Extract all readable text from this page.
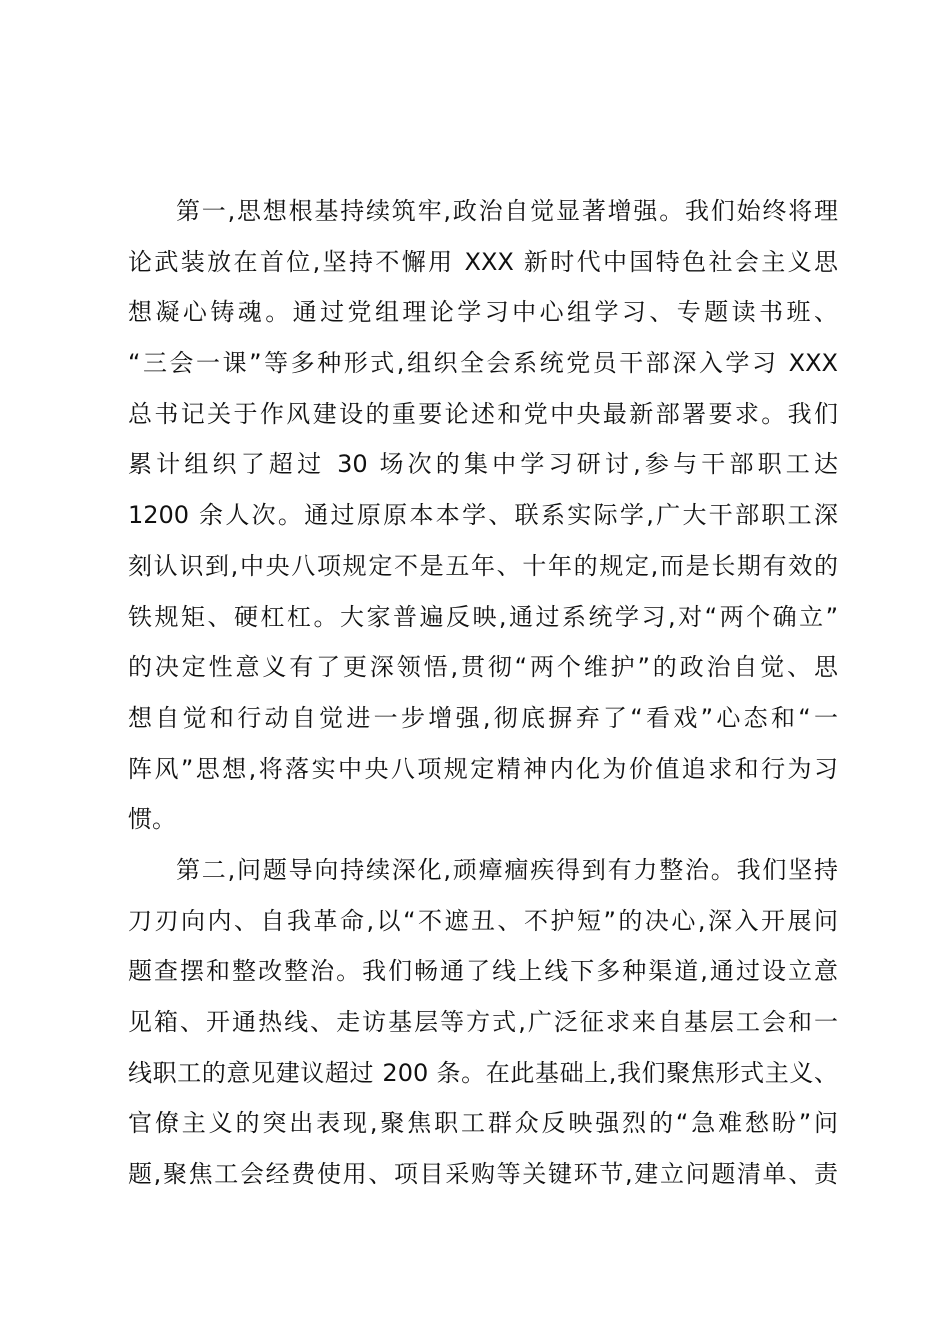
第一,思想根基持续筑牢,政治自觉显著增强。我们始终将理
论武装放在首位,坚持不懈用 XXX 新时代中国特色社会主义思
想凝心铸魂。通过党组理论学习中心组学习、专题读书班、
“三会一课”等多种形式,组织全会系统党员干部深入学习 XXX
总书记关于作风建设的重要论述和党中央最新部署要求。我们
累计组织了超过 30 场次的集中学习研讨,参与干部职工达
1200 余人次。通过原原本本学、联系实际学,广大干部职工深
刻认识到,中央八项规定不是五年、十年的规定,而是长期有效的
铁规矩、硬杠杠。大家普遍反映,通过系统学习,对“两个确立”
的决定性意义有了更深领悟,贯彻“两个维护”的政治自觉、思
想自觉和行动自觉进一步增强,彻底摒弃了“看戏”心态和“一
阵风”思想,将落实中央八项规定精神内化为价值追求和行为习
惯。
第二,问题导向持续深化,顽瘴痼疾得到有力整治。我们坚持
刀刃向内、自我革命,以“不遮丑、不护短”的决心,深入开展问
题查摆和整改整治。我们畅通了线上线下多种渠道,通过设立意
见箱、开通热线、走访基层等方式,广泛征求来自基层工会和一
线职工的意见建议超过 200 条。在此基础上,我们聚焦形式主义、
官僚主义的突出表现,聚焦职工群众反映强烈的“急难愁盼”问
题,聚焦工会经费使用、项目采购等关键环节,建立问题清单、责
